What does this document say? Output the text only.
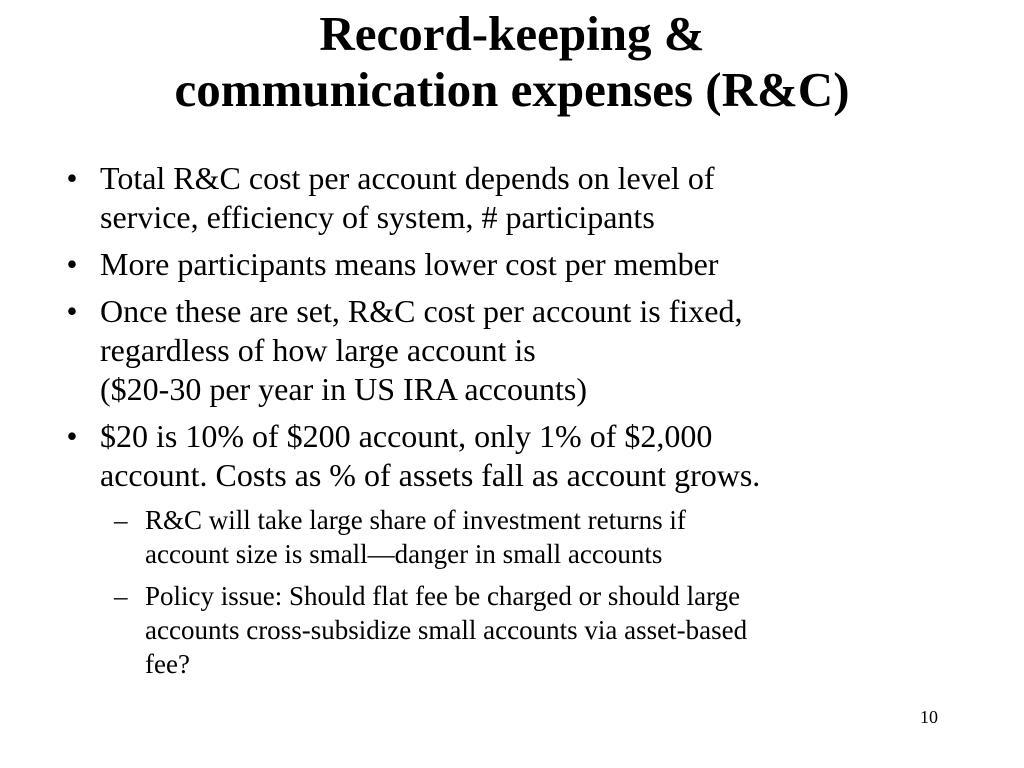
Record-keeping &
communication expenses (R&C)
• Total R&C cost per account depends on level of
service, efficiency of system, # participants
• More participants means lower cost per member
• Once these are set, R&C cost per account is fixed,
regardless of how large account is
($20-30 per year in US IRA accounts)
• $20 is 10% of $200 account, only 1% of $2,000
account. Costs as % of assets fall as account grows.
– R&C will take large share of investment returns if
account size is small—danger in small accounts
– Policy issue: Should flat fee be charged or should large
accounts cross-subsidize small accounts via asset-based
fee?
10
